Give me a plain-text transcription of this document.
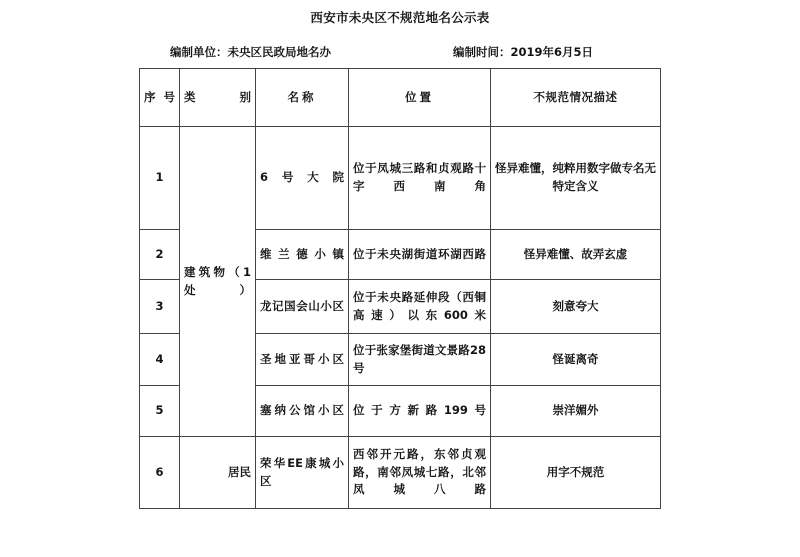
西安市未央区不规范地名公示表
编制单位：未央区民政局地名办	编制时间：2019年6月5日
序号	类别	名称	位置	不规范情况描述
1	建筑物（1处）	6号大院	位于凤城三路和贞观路十字西南角	怪异难懂，纯粹用数字做专名无特定含义
2		维兰德小镇	位于未央湖街道环湖西路	怪异难懂、故弄玄虚
3		龙记国会山小区	位于未央路延伸段（西铜高速）以东600米	刻意夸大
4		圣地亚哥小区	位于张家堡街道文景路28号	怪诞离奇
5		塞纳公馆小区	位于方新路199号	崇洋媚外
6	居民	荣华EE康城小区	西邻开元路，东邻贞观路，南邻凤城七路，北邻凤城八路	用字不规范
